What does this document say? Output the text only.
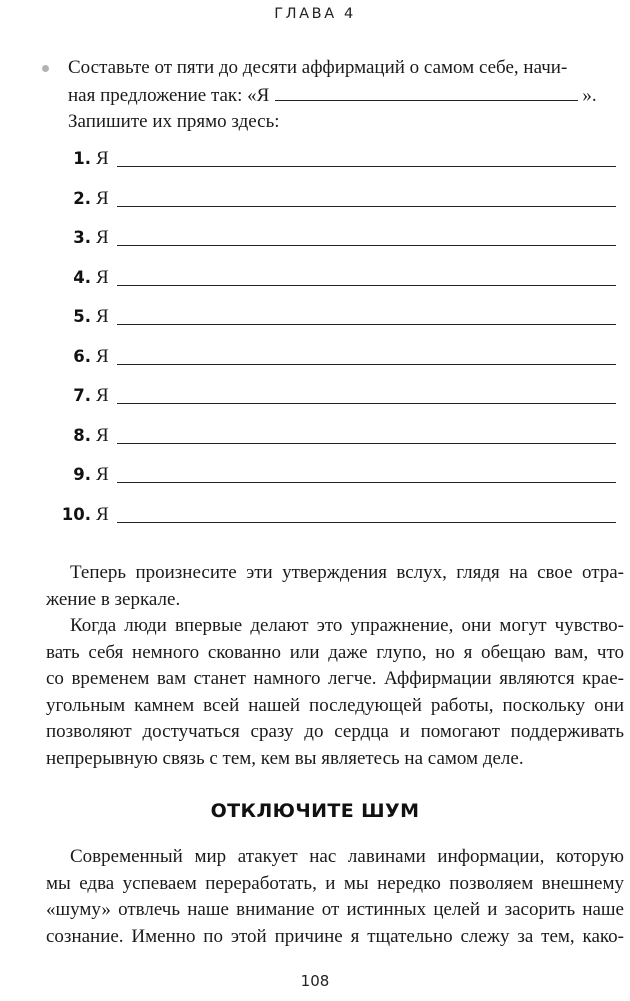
ГЛАВА 4

Составьте от пяти до десяти аффирмаций о самом себе, начи-

ная предложение так: «Я	».

Запишите их прямо здесь:

1. Я
2. Я
3. Я
4. Я
5. Я
6. Я
7. Я
8. Я
9. Я
10. Я
Теперь произнесите эти утверждения вслух, глядя на свое отра-
жение в зеркале.
Когда люди впервые делают это упражнение, они могут чувство-
вать себя немного скованно или даже глупо, но я обещаю вам, что
со временем вам станет намного легче. Аффирмации являются крае-
угольным камнем всей нашей последующей работы, поскольку они
позволяют достучаться сразу до сердца и помогают поддерживать
непрерывную связь с тем, кем вы являетесь на самом деле.
ОТКЛЮЧИТЕ ШУМ
Современный мир атакует нас лавинами информации, которую
мы едва успеваем переработать, и мы нередко позволяем внешнему
«шуму» отвлечь наше внимание от истинных целей и засорить наше
сознание. Именно по этой причине я тщательно слежу за тем, како-
108
